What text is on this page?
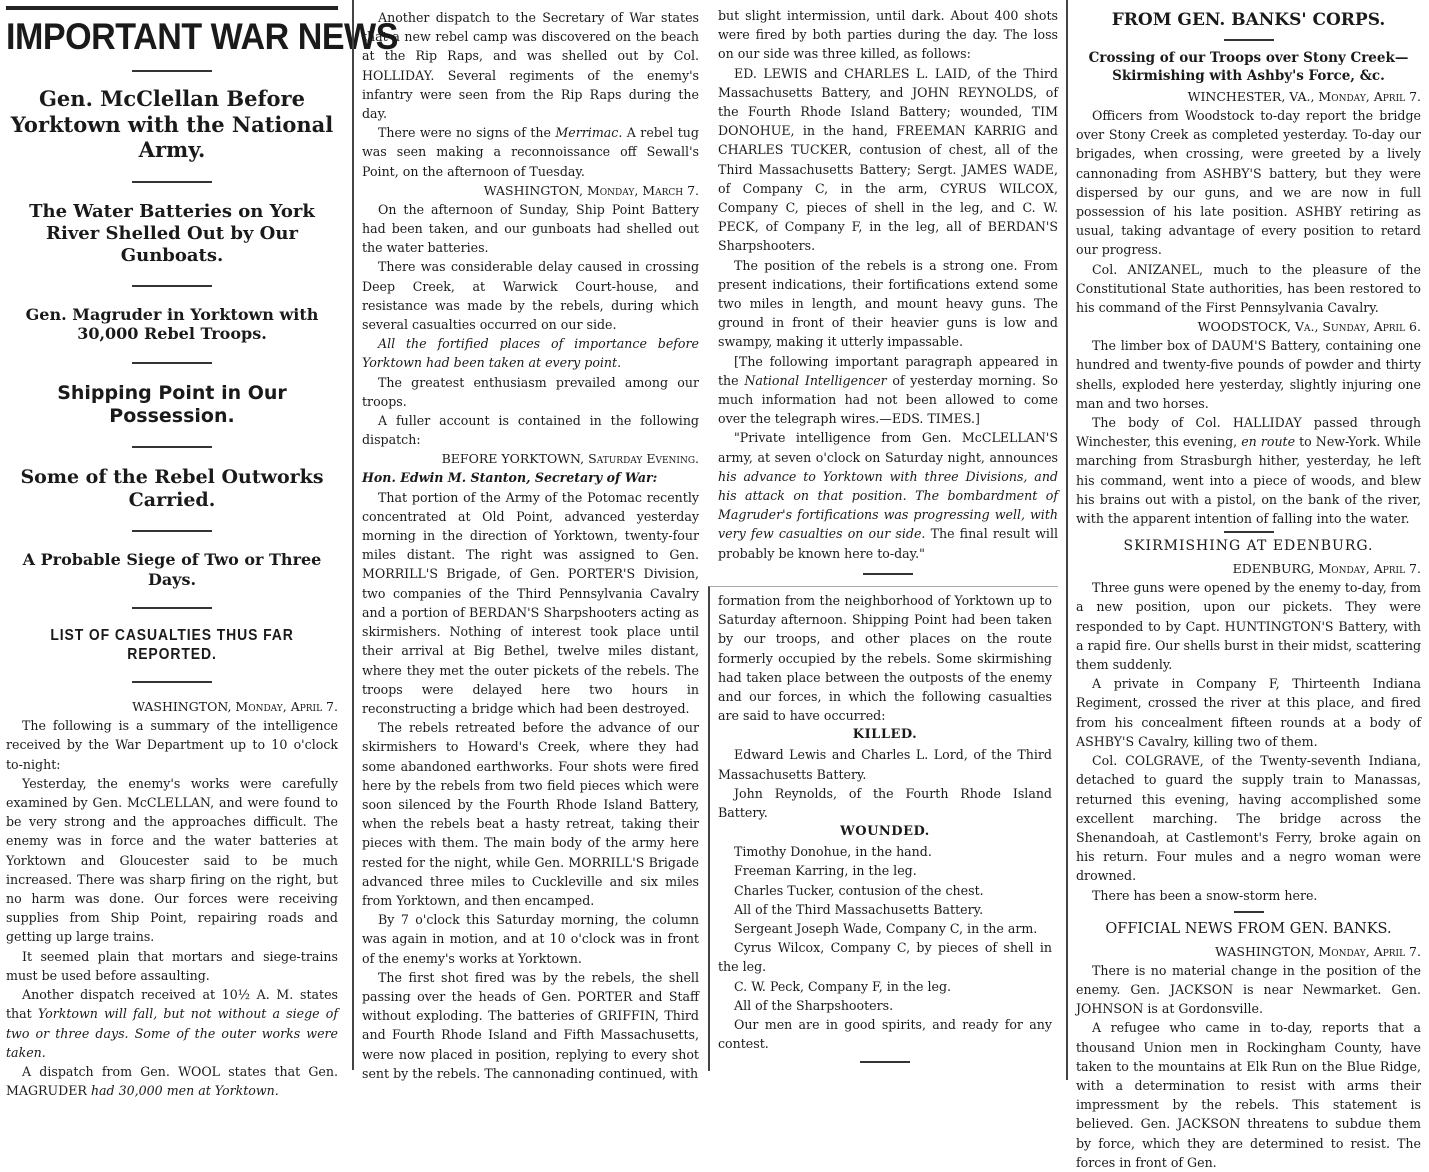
IMPORTANT WAR NEWS
Gen. McClellan Before Yorktown with the National Army.
The Water Batteries on York River Shelled Out by Our Gunboats.
Gen. Magruder in Yorktown with 30,000 Rebel Troops.
Shipping Point in Our Possession.
Some of the Rebel Outworks Carried.
A Probable Siege of Two or Three Days.
LIST OF CASUALTIES THUS FAR REPORTED.
WASHINGTON, Monday, April 7.

The following is a summary of the intelligence received by the War Department up to 10 o'clock to-night:

Yesterday, the enemy's works were carefully examined by Gen. McCLELLAN, and were found to be very strong and the approaches difficult. The enemy was in force and the water batteries at Yorktown and Gloucester said to be much increased. There was sharp firing on the right, but no harm was done. Our forces were receiving supplies from Ship Point, repairing roads and getting up large trains.

It seemed plain that mortars and siege-trains must be used before assaulting.

Another dispatch received at 10½ A. M. states that Yorktown will fall, but not without a siege of two or three days. Some of the outer works were taken.

A dispatch from Gen. WOOL states that Gen. MAGRUDER had 30,000 men at Yorktown.

Another dispatch to the Secretary of War states that a new rebel camp was discovered on the beach at the Rip Raps, and was shelled out by Col. HOLLIDAY. Several regiments of the enemy's infantry were seen from the Rip Raps during the day.

There were no signs of the Merrimac. A rebel tug was seen making a reconnoissance off Sewall's Point, on the afternoon of Tuesday.

WASHINGTON, Monday, March 7.

On the afternoon of Sunday, Ship Point Battery had been taken, and our gunboats had shelled out the water batteries.

There was considerable delay caused in crossing Deep Creek, at Warwick Court-house, and resistance was made by the rebels, during which several casualties occurred on our side.

All the fortified places of importance before Yorktown had been taken at every point.

The greatest enthusiasm prevailed among our troops.

A fuller account is contained in the following dispatch:

BEFORE YORKTOWN, Saturday Evening.

Hon. Edwin M. Stanton, Secretary of War:

That portion of the Army of the Potomac recently concentrated at Old Point, advanced yesterday morning in the direction of Yorktown, twenty-four miles distant. The right was assigned to Gen. MORRILL'S Brigade, of Gen. PORTER'S Division, two companies of the Third Pennsylvania Cavalry and a portion of BERDAN'S Sharpshooters acting as skirmishers. Nothing of interest took place until their arrival at Big Bethel, twelve miles distant, where they met the outer pickets of the rebels. The troops were delayed here two hours in reconstructing a bridge which had been destroyed.

The rebels retreated before the advance of our skirmishers to Howard's Creek, where they had some abandoned earthworks. Four shots were fired here by the rebels from two field pieces which were soon silenced by the Fourth Rhode Island Battery, when the rebels beat a hasty retreat, taking their pieces with them. The main body of the army here rested for the night, while Gen. MORRILL'S Brigade advanced three miles to Cuckleville and six miles from Yorktown, and then encamped.

By 7 o'clock this Saturday morning, the column was again in motion, and at 10 o'clock was in front of the enemy's works at Yorktown.

The first shot fired was by the rebels, the shell passing over the heads of Gen. PORTER and Staff without exploding. The batteries of GRIFFIN, Third and Fourth Rhode Island and Fifth Massachusetts, were now placed in position, replying to every shot sent by the rebels. The cannonading continued, with

but slight intermission, until dark. About 400 shots were fired by both parties during the day. The loss on our side was three killed, as follows:

ED. LEWIS and CHARLES L. LAID, of the Third Massachusetts Battery, and JOHN REYNOLDS, of the Fourth Rhode Island Battery; wounded, TIM DONOHUE, in the hand, FREEMAN KARRIG and CHARLES TUCKER, contusion of chest, all of the Third Massachusetts Battery; Sergt. JAMES WADE, of Company C, in the arm, CYRUS WILCOX, Company C, pieces of shell in the leg, and C. W. PECK, of Company F, in the leg, all of BERDAN'S Sharpshooters.

The position of the rebels is a strong one. From present indications, their fortifications extend some two miles in length, and mount heavy guns. The ground in front of their heavier guns is low and swampy, making it utterly impassable.

[The following important paragraph appeared in the National Intelligencer of yesterday morning. So much information had not been allowed to come over the telegraph wires.—EDS. TIMES.]

"Private intelligence from Gen. McCLELLAN'S army, at seven o'clock on Saturday night, announces his advance to Yorktown with three Divisions, and his attack on that position. The bombardment of Magruder's fortifications was progressing well, with very few casualties on our side. The final result will probably be known here to-day."

formation from the neighborhood of Yorktown up to Saturday afternoon. Shipping Point had been taken by our troops, and other places on the route formerly occupied by the rebels. Some skirmishing had taken place between the outposts of the enemy and our forces, in which the following casualties are said to have occurred:

KILLED.

Edward Lewis and Charles L. Lord, of the Third Massachusetts Battery.

John Reynolds, of the Fourth Rhode Island Battery.

WOUNDED.

Timothy Donohue, in the hand.

Freeman Karring, in the leg.

Charles Tucker, contusion of the chest.

All of the Third Massachusetts Battery.

Sergeant Joseph Wade, Company C, in the arm.

Cyrus Wilcox, Company C, by pieces of shell in the leg.

C. W. Peck, Company F, in the leg.

All of the Sharpshooters.

Our men are in good spirits, and ready for any contest.

FROM GEN. BANKS' CORPS.
Crossing of our Troops over Stony Creek—Skirmishing with Ashby's Force, &c.
WINCHESTER, VA., Monday, April 7.

Officers from Woodstock to-day report the bridge over Stony Creek as completed yesterday. To-day our brigades, when crossing, were greeted by a lively cannonading from ASHBY'S battery, but they were dispersed by our guns, and we are now in full possession of his late position. ASHBY retiring as usual, taking advantage of every position to retard our progress.

Col. ANIZANEL, much to the pleasure of the Constitutional State authorities, has been restored to his command of the First Pennsylvania Cavalry.

WOODSTOCK, Va., Sunday, April 6.

The limber box of DAUM'S Battery, containing one hundred and twenty-five pounds of powder and thirty shells, exploded here yesterday, slightly injuring one man and two horses.

The body of Col. HALLIDAY passed through Winchester, this evening, en route to New-York. While marching from Strasburgh hither, yesterday, he left his command, went into a piece of woods, and blew his brains out with a pistol, on the bank of the river, with the apparent intention of falling into the water.

SKIRMISHING AT EDENBURG.
EDENBURG, Monday, April 7.

Three guns were opened by the enemy to-day, from a new position, upon our pickets. They were responded to by Capt. HUNTINGTON'S Battery, with a rapid fire. Our shells burst in their midst, scattering them suddenly.

A private in Company F, Thirteenth Indiana Regiment, crossed the river at this place, and fired from his concealment fifteen rounds at a body of ASHBY'S Cavalry, killing two of them.

Col. COLGRAVE, of the Twenty-seventh Indiana, detached to guard the supply train to Manassas, returned this evening, having accomplished some excellent marching. The bridge across the Shenandoah, at Castlemont's Ferry, broke again on his return. Four mules and a negro woman were drowned.

There has been a snow-storm here.

OFFICIAL NEWS FROM GEN. BANKS.
WASHINGTON, Monday, April 7.

There is no material change in the position of the enemy. Gen. JACKSON is near Newmarket. Gen. JOHNSON is at Gordonsville.

A refugee who came in to-day, reports that a thousand Union men in Rockingham County, have taken to the mountains at Elk Run on the Blue Ridge, with a determination to resist with arms their impressment by the rebels. This statement is believed. Gen. JACKSON threatens to subdue them by force, which they are determined to resist. The forces in front of Gen.
